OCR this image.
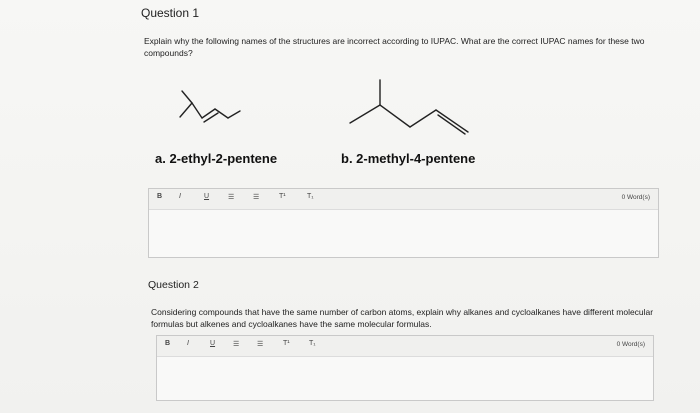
Question 1
Explain why the following names of the structures are incorrect according to IUPAC. What are the correct IUPAC names for these two
compounds?
a. 2-ethyl-2-pentene	b. 2-methyl-4-pentene
B I	U	☰	☰	T¹	T₁	0 Word(s)
Question 2
Considering compounds that have the same number of carbon atoms, explain why alkanes and cycloalkanes have different molecular
formulas but alkenes and cycloalkanes have the same molecular formulas.
B I	U	☰	☰	T¹	T₁	0 Word(s)
